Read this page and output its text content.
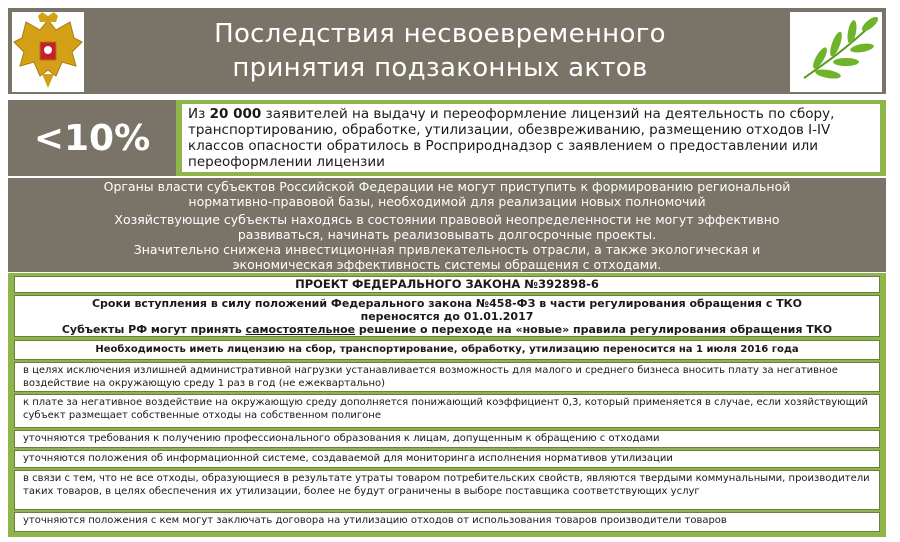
Последствия несвоевременного
принятия подзаконных актов
<10%
Из 20 000 заявителей на выдачу и переоформление лицензий на деятельность по сбору, транспортированию, обработке, утилизации, обезвреживанию, размещению отходов I-IV классов опасности обратилось в Росприроднадзор с заявлением о предоставлении или переоформлении лицензии
Органы власти субъектов Российской Федерации не могут приступить к формированию региональной
нормативно-правовой базы, необходимой для реализации новых полномочий
Хозяйствующие субъекты находясь в состоянии правовой неопределенности не могут эффективно
развиваться, начинать реализовывать долгосрочные проекты.
Значительно снижена инвестиционная привлекательность отрасли, а также экологическая и
экономическая эффективность системы обращения с отходами.
ПРОЕКТ ФЕДЕРАЛЬНОГО ЗАКОНА №392898-6
Сроки вступления в силу положений Федерального закона №458-ФЗ в части регулирования обращения с ТКО
переносятся до 01.01.2017
Субъекты РФ могут принять самостоятельное решение о переходе на «новые» правила регулирования обращения ТКО
Необходимость иметь лицензию на сбор, транспортирование, обработку, утилизацию переносится на 1 июля 2016 года
в целях исключения излишней административной нагрузки устанавливается возможность для малого и среднего бизнеса вносить плату за негативное воздействие на окружающую среду 1 раз в год (не ежеквартально)
к плате за негативное воздействие на окружающую среду дополняется понижающий коэффициент 0,3, который применяется в случае, если хозяйствующий субъект размещает собственные отходы на собственном полигоне
уточняются требования к получению профессионального образования к лицам, допущенным к обращению с отходами
уточняются положения об информационной системе, создаваемой для мониторинга исполнения нормативов утилизации
в связи с тем, что не все отходы, образующиеся в результате утраты товаром потребительских свойств, являются твердыми коммунальными, производители таких товаров, в целях обеспечения их утилизации, более не будут ограничены в выборе поставщика соответствующих услуг
уточняются положения с кем могут заключать договора на утилизацию отходов от использования товаров производители товаров
